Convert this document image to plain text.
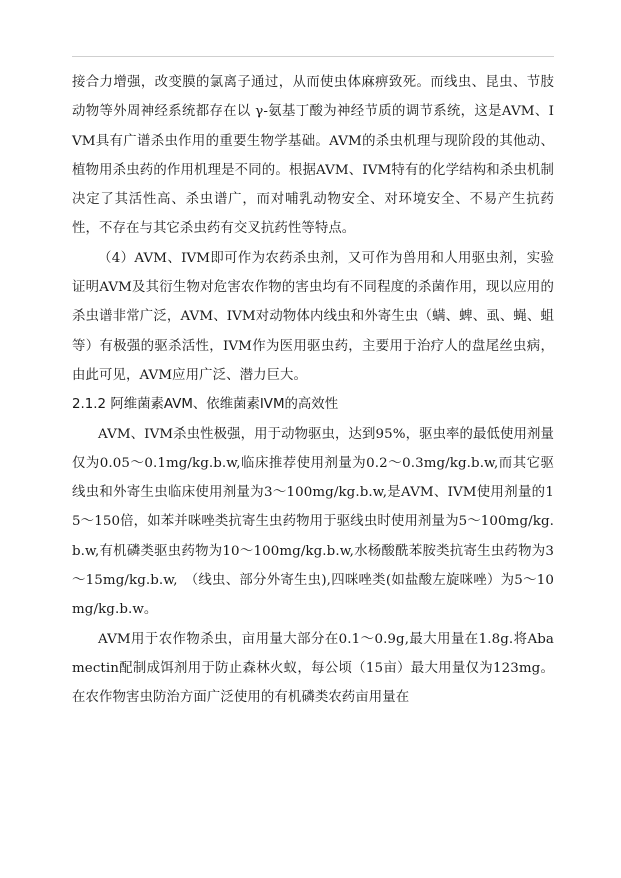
接合力增强，改变膜的氯离子通过，从而使虫体麻痹致死。而线虫、昆虫、节肢动物等外周神经系统都存在以 γ-氨基丁酸为神经节质的调节系统，这是AVM、IVM具有广谱杀虫作用的重要生物学基础。AVM的杀虫机理与现阶段的其他动、植物用杀虫药的作用机理是不同的。根据AVM、IVM特有的化学结构和杀虫机制决定了其活性高、杀虫谱广，而对哺乳动物安全、对环境安全、不易产生抗药性，不存在与其它杀虫药有交叉抗药性等特点。

（4）AVM、IVM即可作为农药杀虫剂，又可作为兽用和人用驱虫剂，实验证明AVM及其衍生物对危害农作物的害虫均有不同程度的杀菌作用，现以应用的杀虫谱非常广泛，AVM、IVM对动物体内线虫和外寄生虫（螨、蜱、虱、蝇、蛆等）有极强的驱杀活性，IVM作为医用驱虫药，主要用于治疗人的盘尾丝虫病，由此可见，AVM应用广泛、潜力巨大。

2.1.2 阿维菌素AVM、依维菌素IVM的高效性

AVM、IVM杀虫性极强，用于动物驱虫，达到95%，驱虫率的最低使用剂量仅为0.05～0.1mg/kg.b.w,临床推荐使用剂量为0.2～0.3mg/kg.b.w,而其它驱线虫和外寄生虫临床使用剂量为3～100mg/kg.b.w,是AVM、IVM使用剂量的15～150倍，如苯并咪唑类抗寄生虫药物用于驱线虫时使用剂量为5～100mg/kg.b.w,有机磷类驱虫药物为10～100mg/kg.b.w,水杨酸酰苯胺类抗寄生虫药物为3～15mg/kg.b.w,　（线虫、部分外寄生虫),四咪唑类(如盐酸左旋咪唑）为5～10mg/kg.b.w。

AVM用于农作物杀虫，亩用量大部分在0.1～0.9g,最大用量在1.8g.将Abamectin配制成饵剂用于防止森林火蚁，每公顷（15亩）最大用量仅为123mg。在农作物害虫防治方面广泛使用的有机磷类农药亩用量在
